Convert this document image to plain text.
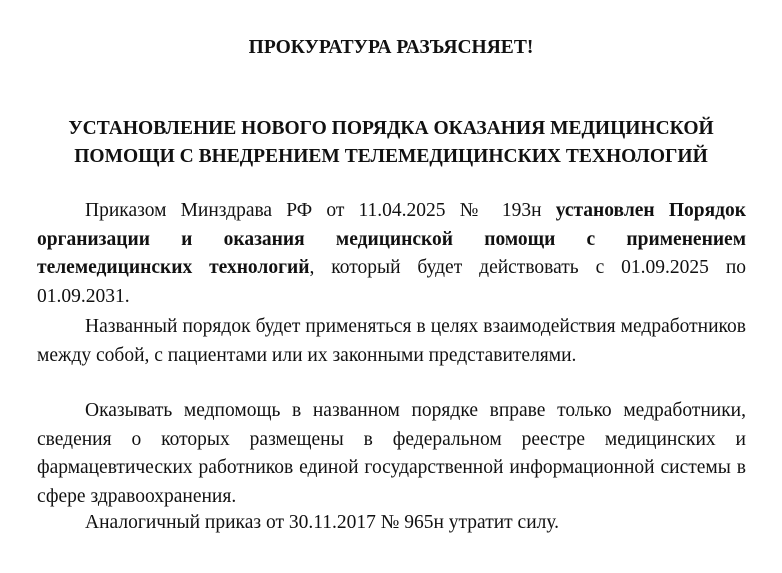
ПРОКУРАТУРА РАЗЪЯСНЯЕТ!
УСТАНОВЛЕНИЕ НОВОГО ПОРЯДКА ОКАЗАНИЯ МЕДИЦИНСКОЙ
ПОМОЩИ С ВНЕДРЕНИЕМ ТЕЛЕМЕДИЦИНСКИХ ТЕХНОЛОГИЙ

Приказом Минздрава РФ от 11.04.2025 № 193н установлен Порядок организации и оказания медицинской помощи с применением телемедицинских технологий, который будет действовать с 01.09.2025 по 01.09.2031.

Названный порядок будет применяться в целях взаимодействия медработников между собой, с пациентами или их законными представителями.

Оказывать медпомощь в названном порядке вправе только медработники, сведения о которых размещены в федеральном реестре медицинских и фармацевтических работников единой государственной информационной системы в сфере здравоохранения.

Аналогичный приказ от 30.11.2017 № 965н утратит силу.
